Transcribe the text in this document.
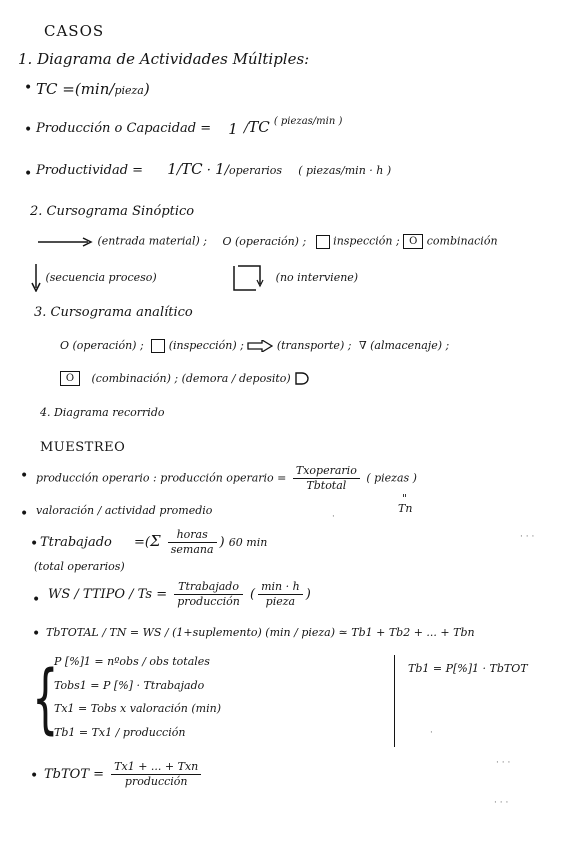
CASOS
1. Diagrama de Actividades Múltiples:
• TC =(min/pieza)
• Producción o Capacidad = 1 /TC $^{( piezas/min )}$
• Productividad = 1/TC · 1/operarios ( piezas/min · h )
2. Cursograma Sinóptico
(entrada material) ; O (operación) ; inspección ; O combinación
(secuencia proceso)	(no interviene)
3. Cursograma analítico
O (operación) ; (inspección) ;	(transporte) ; ∇ (almacenaje) ;
O (combinación) ; (demora / deposito)
4. Diagrama recorrido
MUESTREO
• producción operario : producción operario = $\frac{\text{Txoperario}}{\text{Tbtotal}}$ ( piezas )
"
Tn
• valoración / actividad promedio
• Ttrabajado $=(\Sigma \frac{\text{horas}}{\text{semana}}$ ) 60 min
(total operarios)
• WS / TTIPO / $Ts = \frac{\text{Ttrabajado}}{\text{producción}}$ ( $\frac{\min \cdot h}{\text{pieza}}$ )
• TbTOTAL / TN = WS / (1+suplemento) (min / pieza) ≃ Tb1 + Tb2 + ... + Tbn
{
P [%]1 = nºobs / obs totales
Tobs1 = P [%] · Ttrabajado
Tx1 = Tobs x valoración (min)
Tb1 = Tx1 / producción
Tb1 = P[%]1 · TbTOT
• TbTOT = $\frac{\text{Tx1 + ... + Txn}}{\text{producción}}$
· · ·
· · ·
· · ·
·
·
